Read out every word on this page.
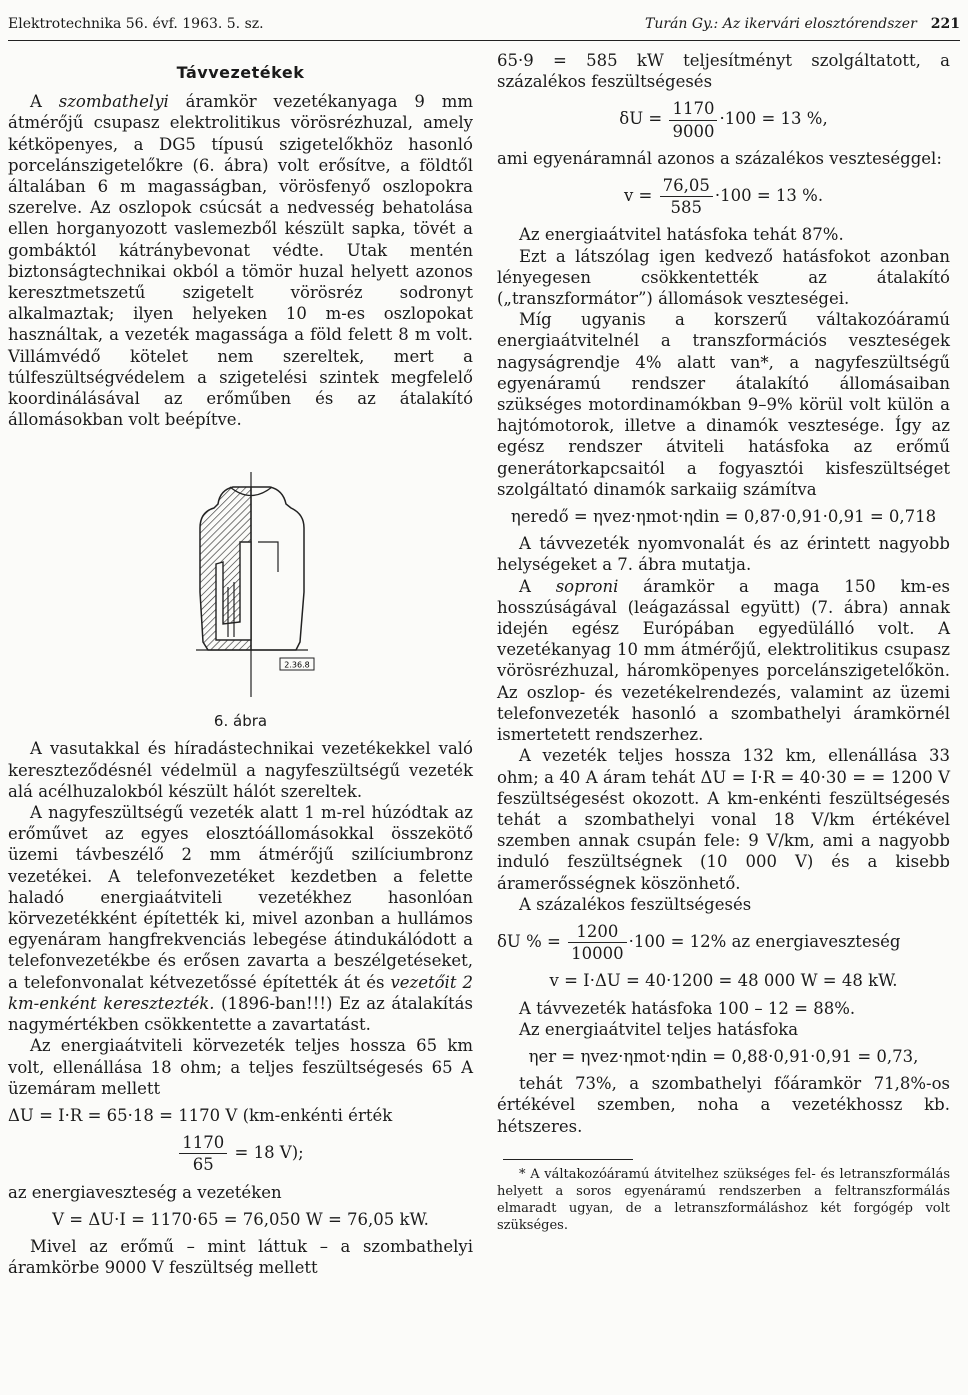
Elektrotechnika 56. évf. 1963. 5. sz.	Turán Gy.: Az ikervári elosztórendszer 221
Távvezetékek

A szombathelyi áramkör vezetékanyaga 9 mm átmérőjű csupasz elektrolitikus vörösrézhuzal, amely kétköpenyes, a DG5 típusú szigetelőkhöz hasonló porcelánszigetelőkre (6. ábra) volt erősítve, a földtől általában 6 m magasságban, vörösfenyő oszlopokra szerelve. Az oszlopok csúcsát a nedvesség behatolása ellen horganyozott vaslemezből készült sapka, tövét a gombáktól kátránybevonat védte. Utak mentén biztonságtechnikai okból a tömör huzal helyett azonos keresztmetszetű szigetelt vörösréz sodronyt alkalmaztak; ilyen helyeken 10 m-es oszlopokat használtak, a vezeték magassága a föld felett 8 m volt. Villámvédő kötelet nem szereltek, mert a túlfeszültségvédelem a szigetelési szintek megfelelő koordinálásával az erőműben és az átalakító állomásokban volt beépítve.

2.36.8
6. ábra

A vasutakkal és híradástechnikai vezetékekkel való kereszteződésnél védelmül a nagyfeszültségű vezeték alá acélhuzalokból készült hálót szereltek.

A nagyfeszültségű vezeték alatt 1 m-rel húzódtak az erőművet az egyes elosztóállomásokkal összekötő üzemi távbeszélő 2 mm átmérőjű szilíciumbronz vezetékei. A telefonvezetéket kezdetben a felette haladó energiaátviteli vezetékhez hasonlóan körvezetékként építették ki, mivel azonban a hullámos egyenáram hangfrekvenciás lebegése átindukálódott a telefonvezetékbe és erősen zavarta a beszélgetéseket, a telefonvonalat kétvezetőssé építették át és vezetőit 2 km-enként keresztezték. (1896-ban!!!) Ez az átalakítás nagymértékben csökkentette a zavartatást.

Az energiaátviteli körvezeték teljes hossza 65 km volt, ellenállása 18 ohm; a teljes feszültségesés 65 A üzemáram mellett

ΔU = I·R = 65·18 = 1170 V (km-enkénti érték
$\frac{1170}{65} = 18$ V);

az energiaveszteség a vezetéken

V = ΔU·I = 1170·65 = 76,050 W = 76,05 kW.

Mivel az erőmű – mint láttuk – a szombathelyi áramkörbe 9000 V feszültség mellett

65·9 = 585 kW teljesítményt szolgáltatott, a százalékos feszültségesés

$\delta U = \frac{1170}{9000} \cdot 100 = 13$ %,

ami egyenáramnál azonos a százalékos veszteséggel:

$v = \frac{76,05}{585} \cdot 100 = 13$ %.

Az energiaátvitel hatásfoka tehát 87%.

Ezt a látszólag igen kedvező hatásfokot azonban lényegesen csökkentették az átalakító („transzformátor”) állomások veszteségei.

Míg ugyanis a korszerű váltakozóáramú energiaátvitelnél a transzformációs veszteségek nagyságrendje 4% alatt van*, a nagyfeszültségű egyenáramú rendszer átalakító állomásaiban szükséges motordinamókban 9–9% körül volt külön a hajtómotorok, illetve a dinamók vesztesége. Így az egész rendszer átviteli hatásfoka az erőmű generátorkapcsaitól a fogyasztói kisfeszültséget szolgáltató dinamók sarkaiig számítva

ηeredő = ηvez·ηmot·ηdin = 0,87·0,91·0,91 = 0,718

A távvezeték nyomvonalát és az érintett nagyobb helységeket a 7. ábra mutatja.

A soproni áramkör a maga 150 km-es hosszúságával (leágazással együtt) (7. ábra) annak idején egész Európában egyedülálló volt. A vezetékanyag 10 mm átmérőjű, elektrolitikus csupasz vörösrézhuzal, háromköpenyes porcelánszigetelőkön. Az oszlop- és vezetékelrendezés, valamint az üzemi telefonvezeték hasonló a szombathelyi áramkörnél ismertetett rendszerhez.

A vezeték teljes hossza 132 km, ellenállása 33 ohm; a 40 A áram tehát ΔU = I·R = 40·30 = = 1200 V feszültségesést okozott. A km-enkénti feszültségesés tehát a szombathelyi vonal 18 V/km értékével szemben annak csupán fele: 9 V/km, ami a nagyobb induló feszültségnek (10 000 V) és a kisebb áramerősségnek köszönhető.

A százalékos feszültségesés

δU % = $\frac{1200}{10000} \cdot 100 = 12\%$ az energiaveszteség
v = I·ΔU = 40·1200 = 48 000 W = 48 kW.

A távvezeték hatásfoka 100 – 12 = 88%.

Az energiaátvitel teljes hatásfoka

ηer = ηvez·ηmot·ηdin = 0,88·0,91·0,91 = 0,73,

tehát 73%, a szombathelyi főáramkör 71,8%-os értékével szemben, noha a vezetékhossz kb. hétszeres.

* A váltakozóáramú átvitelhez szükséges fel- és letranszformálás helyett a soros egyenáramú rendszerben a feltranszformálás elmaradt ugyan, de a letranszformáláshoz két forgógép volt szükséges.
